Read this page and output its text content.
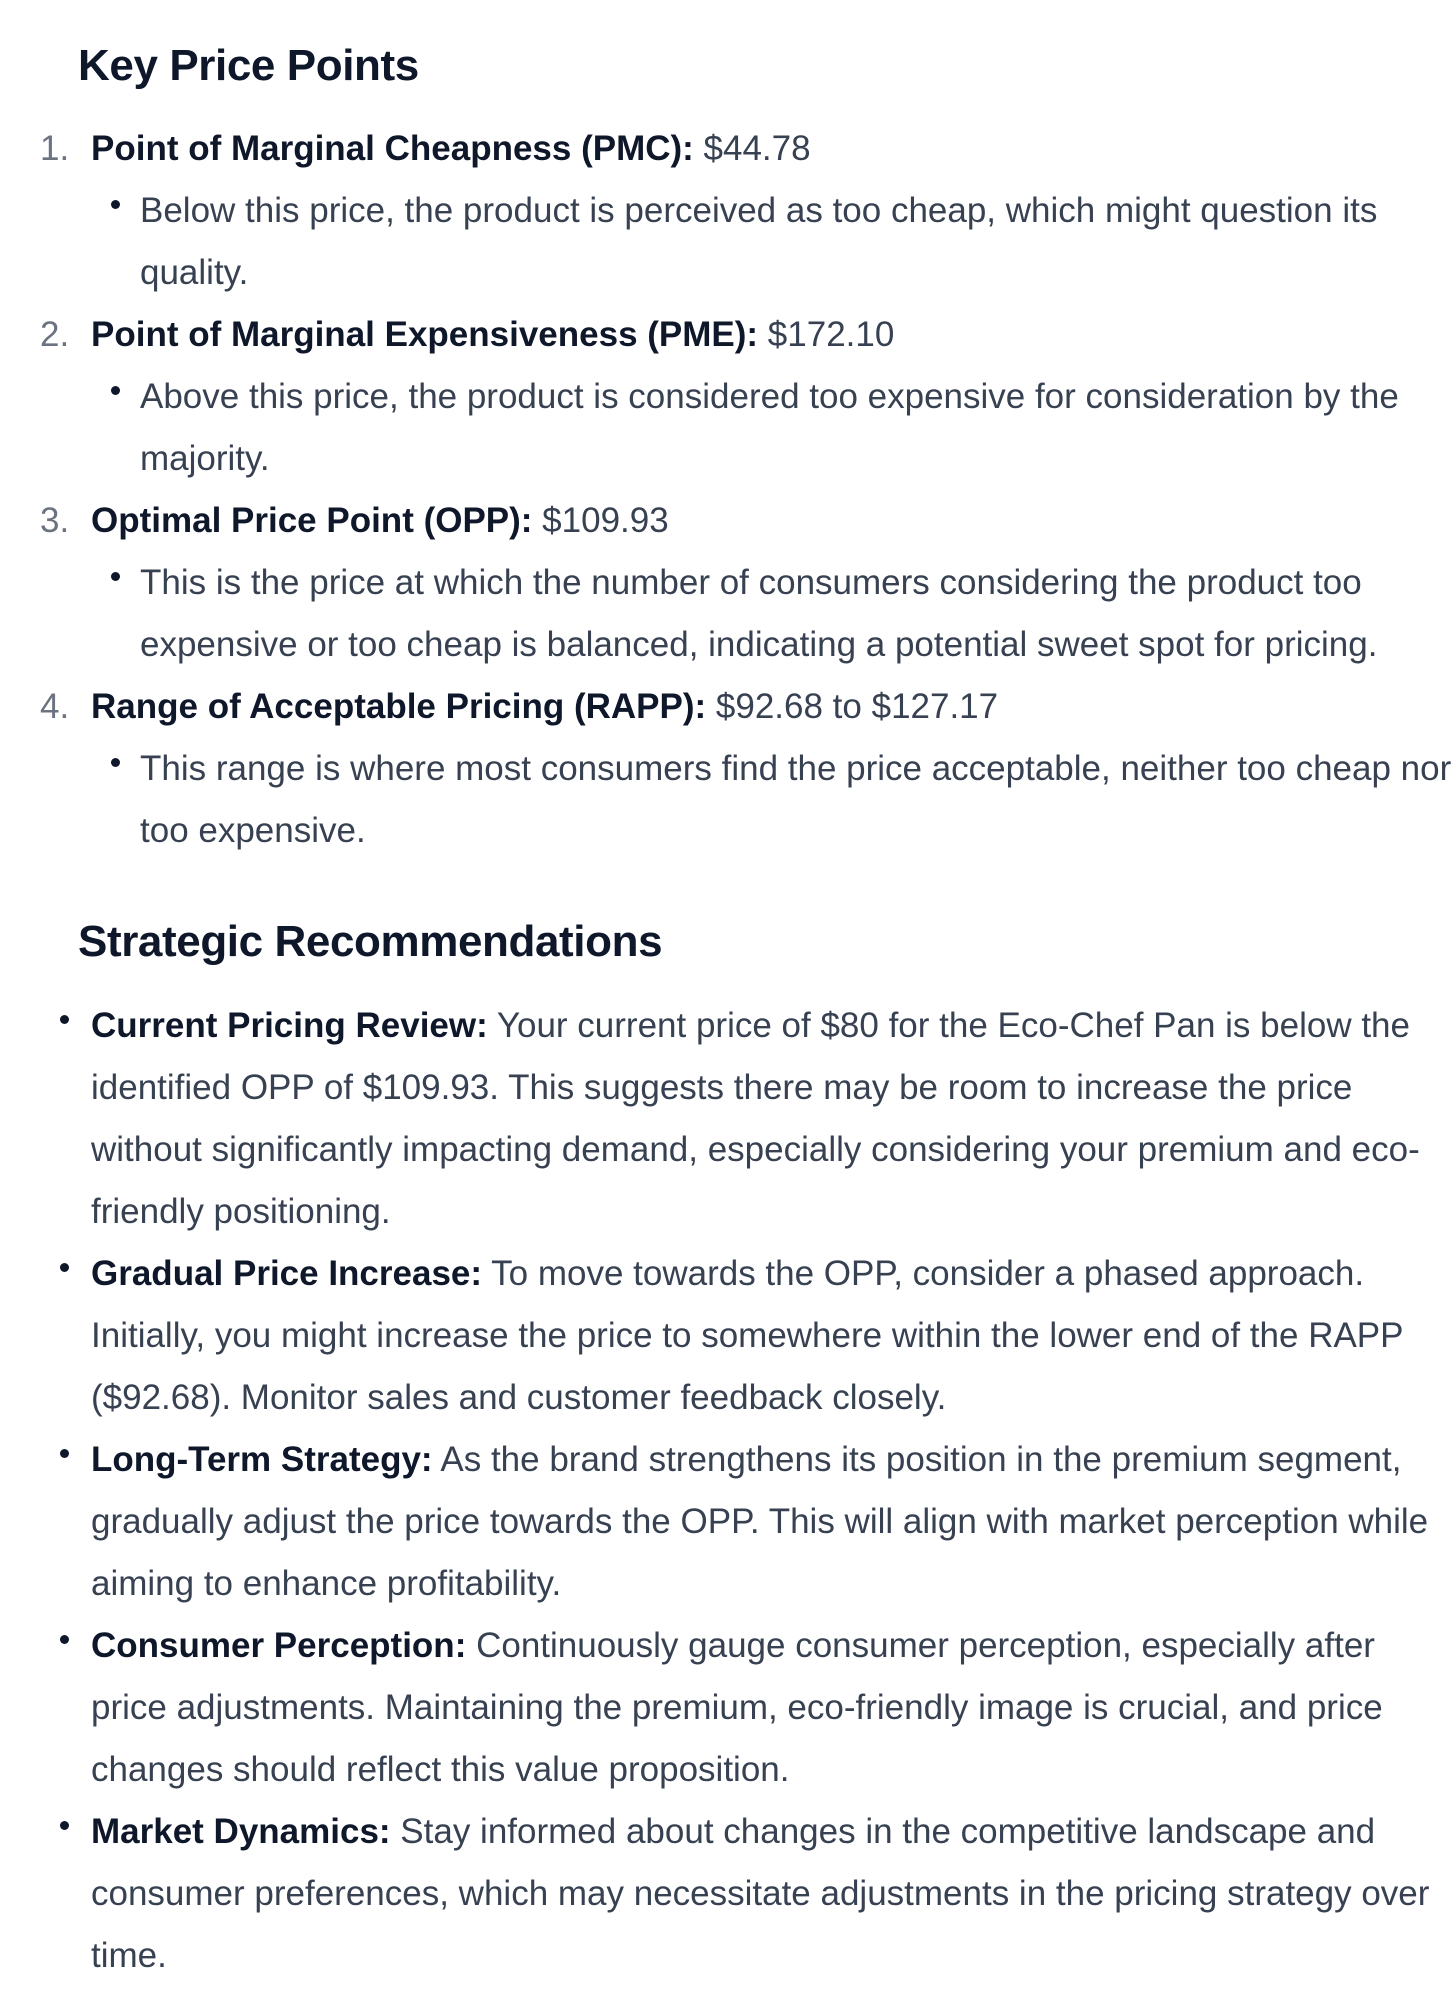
Key Price Points
1. Point of Marginal Cheapness (PMC): $44.78
Below this price, the product is perceived as too cheap, which might question its
quality.
2. Point of Marginal Expensiveness (PME): $172.10
Above this price, the product is considered too expensive for consideration by the
majority.
3. Optimal Price Point (OPP): $109.93
This is the price at which the number of consumers considering the product too
expensive or too cheap is balanced, indicating a potential sweet spot for pricing.
4. Range of Acceptable Pricing (RAPP): $92.68 to $127.17
This range is where most consumers find the price acceptable, neither too cheap nor
too expensive.
Strategic Recommendations
Current Pricing Review: Your current price of $80 for the Eco-Chef Pan is below the
identified OPP of $109.93. This suggests there may be room to increase the price
without significantly impacting demand, especially considering your premium and eco-
friendly positioning.
Gradual Price Increase: To move towards the OPP, consider a phased approach.
Initially, you might increase the price to somewhere within the lower end of the RAPP
($92.68). Monitor sales and customer feedback closely.
Long-Term Strategy: As the brand strengthens its position in the premium segment,
gradually adjust the price towards the OPP. This will align with market perception while
aiming to enhance profitability.
Consumer Perception: Continuously gauge consumer perception, especially after
price adjustments. Maintaining the premium, eco-friendly image is crucial, and price
changes should reflect this value proposition.
Market Dynamics: Stay informed about changes in the competitive landscape and
consumer preferences, which may necessitate adjustments in the pricing strategy over
time.
